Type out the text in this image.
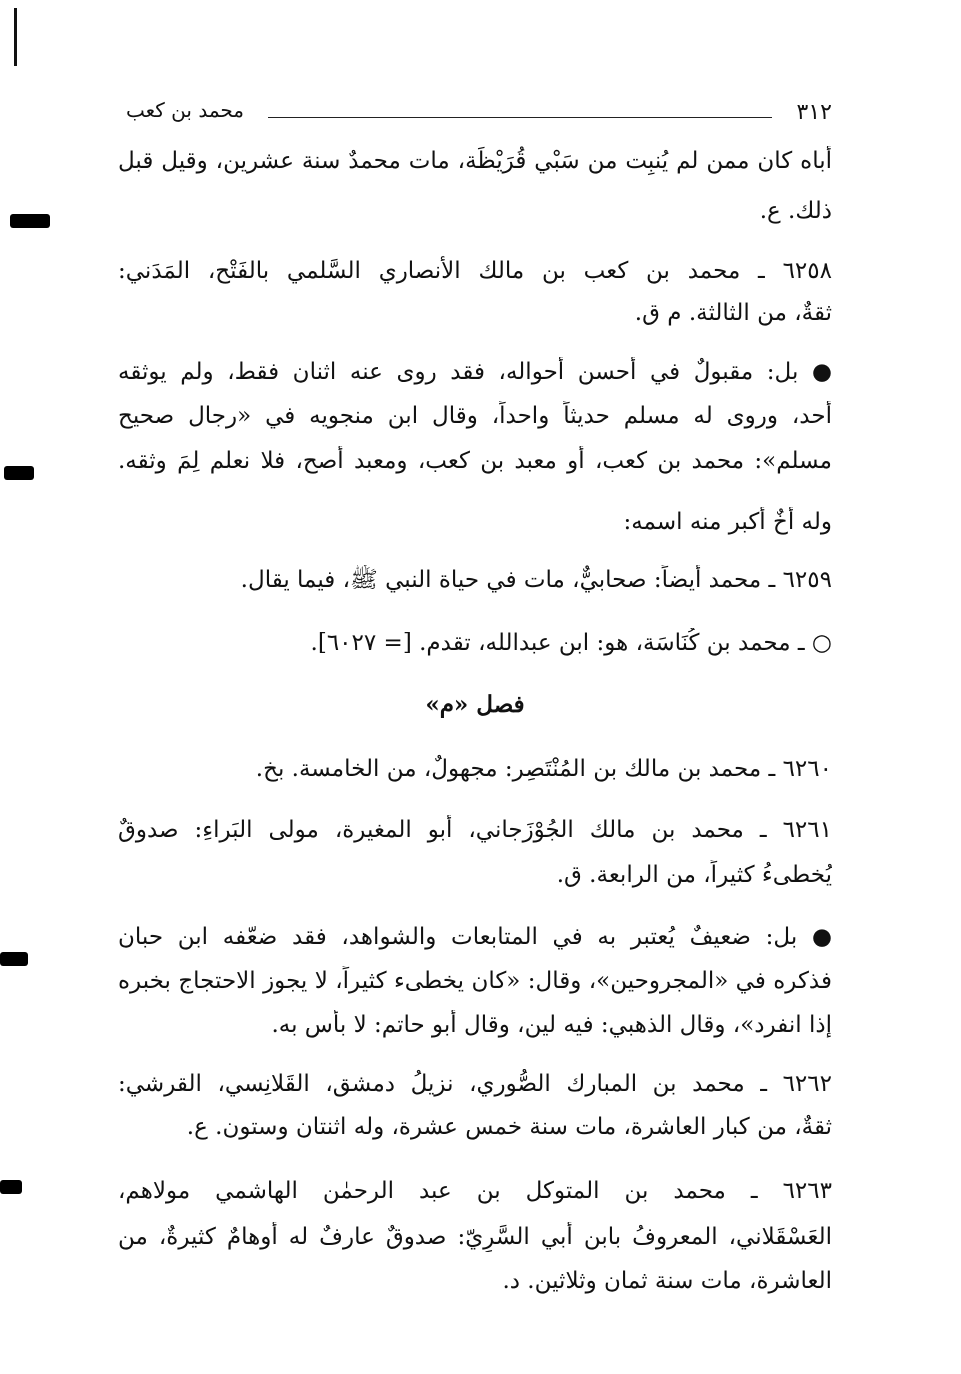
٣١٢
محمد بن كعب
أباه كان ممن لم يُنبِت من سَبْي قُرَيْظَة، مات محمدٌ سنة عشرين، وقيل قبل
ذلك. ع.
٦٢٥٨ ـ محمد بن كعب بن مالك الأنصاري السَّلمي بالفَتْح، المَدَني:
ثقةٌ، من الثالثة. م ق.
● بل: مقبولٌ في أحسن أحواله، فقد روى عنه اثنان فقط، ولم يوثقه
أحد، وروى له مسلم حديثاً واحداً، وقال ابن منجويه في «رجال صحيح
مسلم»: محمد بن كعب، أو معبد بن كعب، ومعبد أصح، فلا نعلم لِمَ وثقه.
وله أخٌ أكبر منه اسمه:
٦٢٥٩ ـ محمد أيضاً: صحابيٌّ، مات في حياة النبي ﷺ، فيما يقال.
○ ـ محمد بن كُنَاسَة، هو: ابن عبدالله، تقدم. [= ٦٠٢٧].
فصل «م»
٦٢٦٠ ـ محمد بن مالك بن المُنْتَصِر: مجهولٌ، من الخامسة. بخ.
٦٢٦١ ـ محمد بن مالك الجُوْزَجاني، أبو المغيرة، مولى البَراءِ: صدوقٌ
يُخطىءُ كثيراً، من الرابعة. ق.
● بل: ضعيفٌ يُعتبر به في المتابعات والشواهد، فقد ضعّفه ابن حبان
فذكره في «المجروحين»، وقال: «كان يخطىء كثيراً، لا يجوز الاحتجاج بخبره
إذا انفرد»، وقال الذهبي: فيه لين، وقال أبو حاتم: لا بأس به.
٦٢٦٢ ـ محمد بن المبارك الصُّوري، نزيلُ دمشق، القَلانِسي، القرشي:
ثقةٌ، من كبار العاشرة، مات سنة خمس عشرة، وله اثنتان وستون. ع.
٦٢٦٣ ـ محمد بن المتوكل بن عبد الرحمٰن الهاشمي مولاهم،
العَسْقَلاني، المعروفُ بابن أبي السَّرِيّ: صدوقٌ عارفٌ له أوهامٌ كثيرةٌ، من
العاشرة، مات سنة ثمان وثلاثين. د.
